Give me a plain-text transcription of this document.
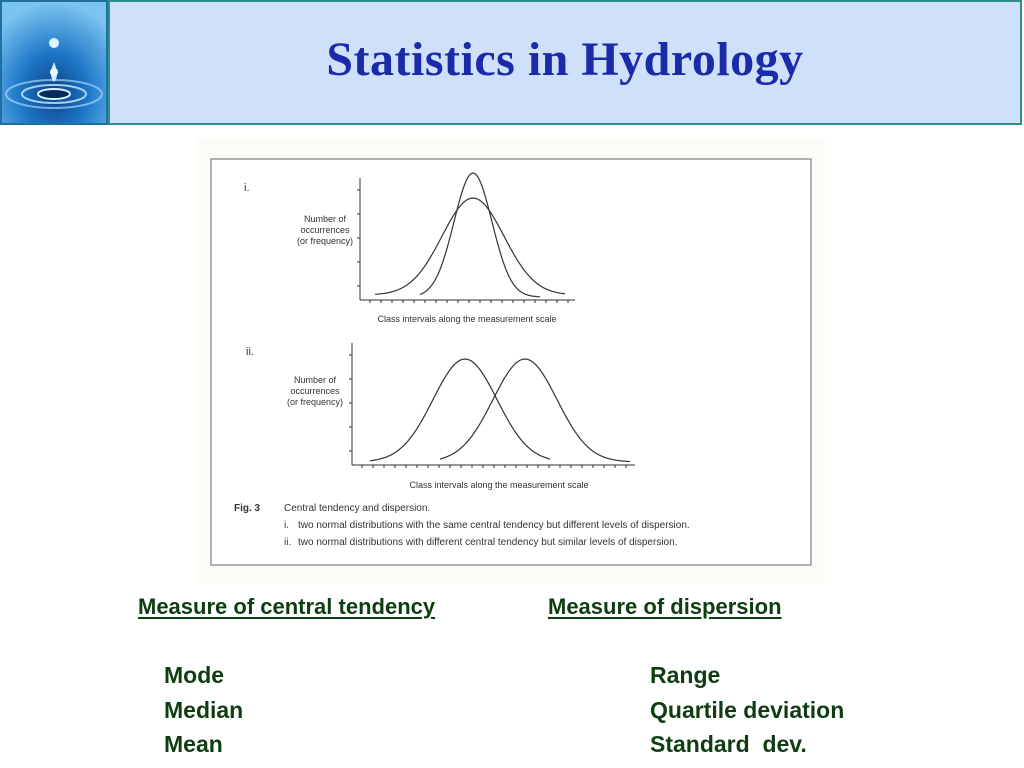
Statistics in Hydrology
i.
Number of
occurrences
(or frequency)
Class intervals along the measurement scale
ii.
Number of
occurrences
(or frequency)
Class intervals along the measurement scale
Fig. 3 Central tendency and dispersion.
i. two normal distributions with the same central tendency but different levels of dispersion.
ii. two normal distributions with different central tendency but similar levels of dispersion.
Measure of central tendency	Measure of dispersion
Mode
Median
Mean
Range
Quartile deviation
Standard  dev.
